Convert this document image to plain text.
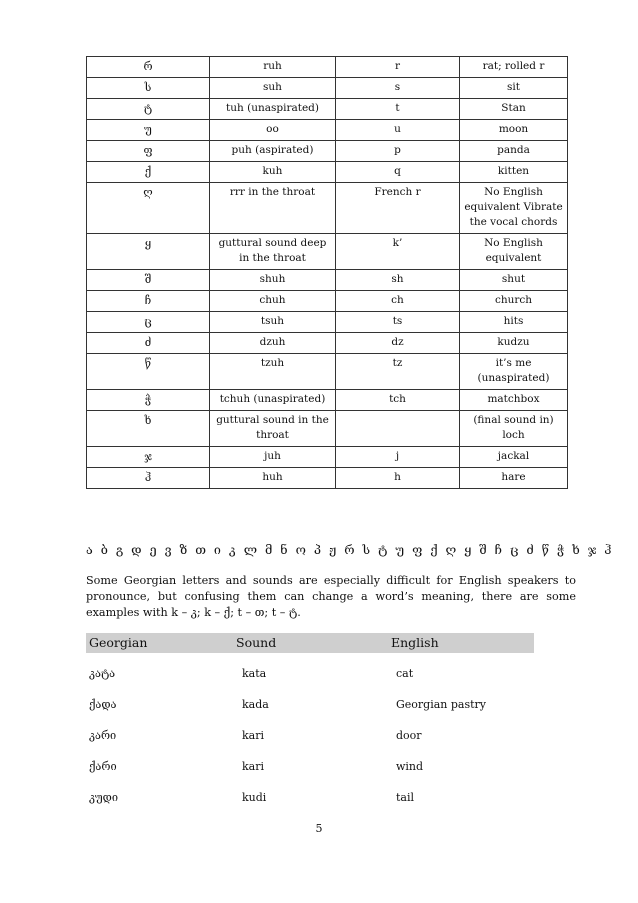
რ	ruh	r	rat; rolled r
ს	suh	s	sit
ტ	tuh (unaspirated)	t	Stan
უ	oo	u	moon
ფ	puh (aspirated)	p	panda
ქ	kuh	q	kitten
ღ	rrr in the throat	French r	No English equivalent Vibrate the vocal chords
ყ	guttural sound deep in the throat	k’	No English equivalent
შ	shuh	sh	shut
ჩ	chuh	ch	church
ც	tsuh	ts	hits
ძ	dzuh	dz	kudzu
წ	tzuh	tz	it’s me (unaspirated)
ჭ	tchuh (unaspirated)	tch	matchbox
ხ	guttural sound in the throat		(final sound in) loch
ჯ	juh	j	jackal
ჰ	huh	h	hare
ა ბ გ დ ე ვ ზ თ ი კ ლ მ ნ ო პ ჟ რ ს ტ უ ფ ქ ღ ყ შ ჩ ც ძ წ ჭ ხ ჯ ჰ
Some Georgian letters and sounds are especially difficult for English speakers to pronounce, but confusing them can change a word’s meaning, there are some examples with k – კ; k – ქ; t – თ; t – ტ.
Georgian	Sound	English
კატა	kata	cat
ქადა	kada	Georgian pastry
კარი	kari	door
ქარი	kari	wind
კუდი	kudi	tail
5
